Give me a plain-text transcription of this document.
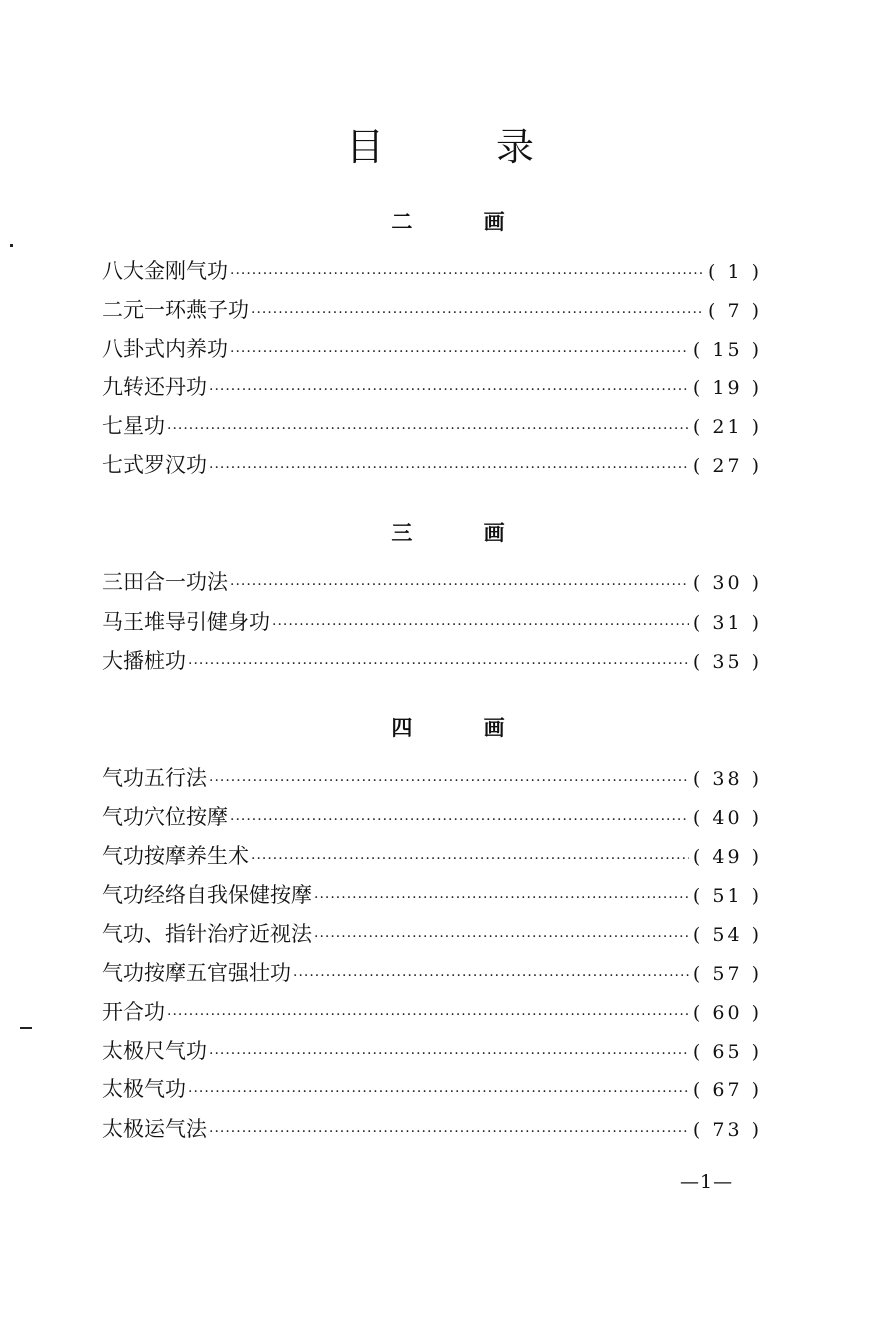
目 录
二 画
八大金刚气功 ·····	( 1 )
二元一环燕子功 ·····	( 7 )
八卦式内养功 ·····	( 15 )
九转还丹功 ·····	( 19 )
七星功 ·····	( 21 )
七式罗汉功 ·····	( 27 )
三 画
三田合一功法 ·····	( 30 )
马王堆导引健身功 ·····	( 31 )
大播桩功 ·····	( 35 )
四 画
气功五行法 ·····	( 38 )
气功穴位按摩 ·····	( 40 )
气功按摩养生术 ·····	( 49 )
气功经络自我保健按摩 ·····	( 51 )
气功、指针治疗近视法 ·····	( 54 )
气功按摩五官强壮功 ·····	( 57 )
开合功 ·····	( 60 )
太极尺气功 ·····	( 65 )
太极气功 ·····	( 67 )
太极运气法 ·····	( 73 )
—1—
